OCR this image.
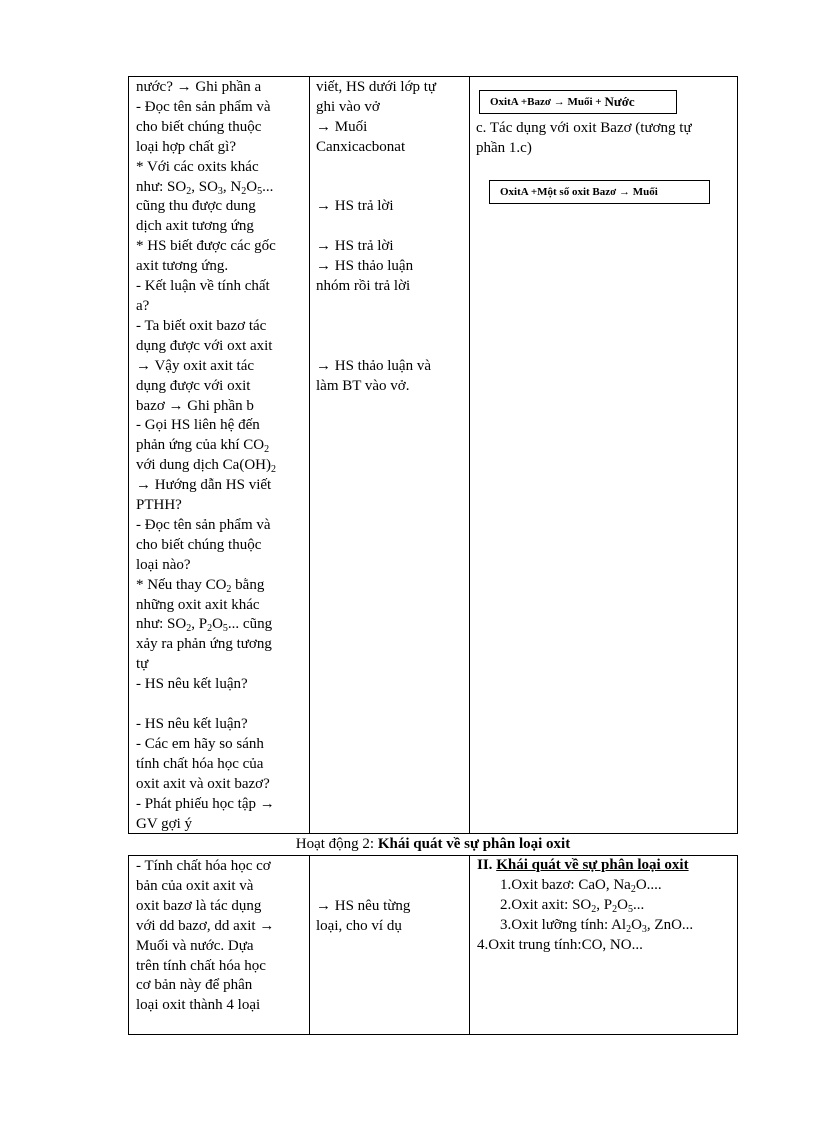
nước? → Ghi phần a
- Đọc tên sản phẩm và
cho biết chúng thuộc
loại hợp chất gì?
* Với các oxits khác
như: $SO_2$, $SO_3$, $N_2O_5$...
cũng thu được dung
dịch axit tương ứng
* HS biết được các gốc
axit tương ứng.
- Kết luận về tính chất
a?
- Ta biết oxit bazơ tác
dụng được với oxt axit
→ Vậy oxit axit tác
dụng được với oxit
bazơ → Ghi phần b
- Gọi HS liên hệ đến
phản ứng của khí $CO_2$
với dung dịch $Ca(OH)_2$
→ Hướng dẫn HS viết
PTHH?
- Đọc tên sản phẩm và
cho biết chúng thuộc
loại nào?
* Nếu thay $CO_2$ bằng
những oxit axit khác
như: $SO_2$, $P_2O_5$... cũng
xảy ra phản ứng tương
tự
- HS nêu kết luận?
- HS nêu kết luận?
- Các em hãy so sánh
tính chất hóa học của
oxit axit và oxit bazơ?
- Phát phiếu học tập →
GV gợi ý
viết, HS dưới lớp tự
ghi vào vở
→ Muối
Canxicacbonat
→ HS trả lời
→ HS trả lời
→ HS thảo luận
nhóm rồi trả lời
→ HS thảo luận và
làm BT vào vở.
OxitA +Bazơ → Muối + Nước
c. Tác dụng với oxit Bazơ (tương tự
phần 1.c)
OxitA +Một số oxit Bazơ → Muối
Hoạt động 2: Khái quát về sự phân loại oxit
- Tính chất hóa học cơ
bản của oxit axit và
oxit bazơ là tác dụng
với dd bazơ, dd axit →
Muối và nước. Dựa
trên tính chất hóa học
cơ bản này để phân
loại oxit thành 4 loại
→ HS nêu từng
loại, cho ví dụ
II. Khái quát về sự phân loại oxit
1.Oxit bazơ: CaO, $Na_2O$....
2.Oxit axit: $SO_2$, $P_2O_5$...
3.Oxit lưỡng tính: $Al_2O_3$, ZnO...
4.Oxit trung tính:CO, NO...
